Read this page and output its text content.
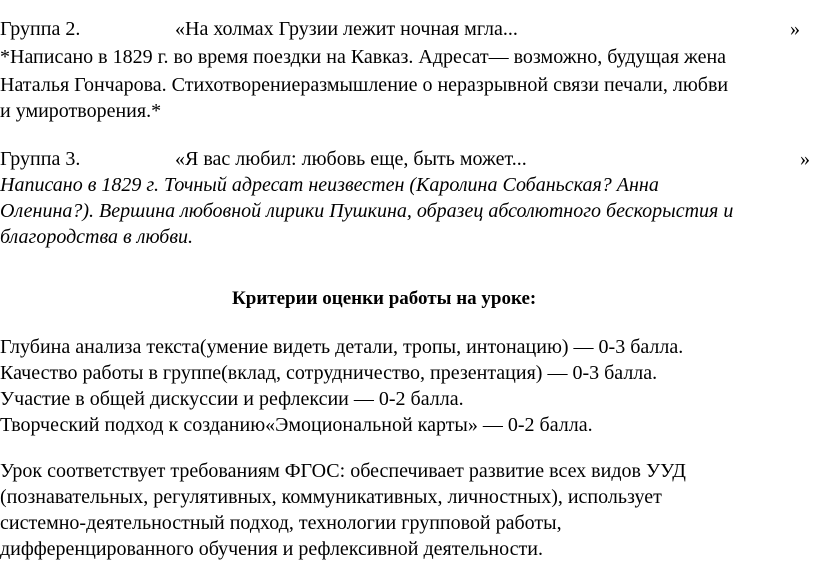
Группа 2.	«На холмах Грузии лежит ночная мгла...	»
*Написано в 1829 г. во время поездки на Кавказ. Адресат— возможно, будущая жена
Наталья Гончарова. Стихотворениеразмышление о неразрывной связи печали, любви
и умиротворения.*
Группа 3.	«Я вас любил: любовь еще, быть может...	»
Написано в 1829 г. Точный адресат неизвестен (Каролина Собаньская? Анна
Оленина?). Вершина любовной лирики Пушкина, образец абсолютного бескорыстия и
благородства в любви.
Критерии оценки работы на уроке:
Глубина анализа текста(умение видеть детали, тропы, интонацию) — 0-3 балла.
Качество работы в группе(вклад, сотрудничество, презентация) — 0-3 балла.
Участие в общей дискуссии и рефлексии — 0-2 балла.
Творческий подход к созданию«Эмоциональной карты» — 0-2 балла.
Урок соответствует требованиям ФГОС: обеспечивает развитие всех видов УУД
(познавательных, регулятивных, коммуникативных, личностных), использует
системно-деятельностный подход, технологии групповой работы,
дифференцированного обучения и рефлексивной деятельности.
